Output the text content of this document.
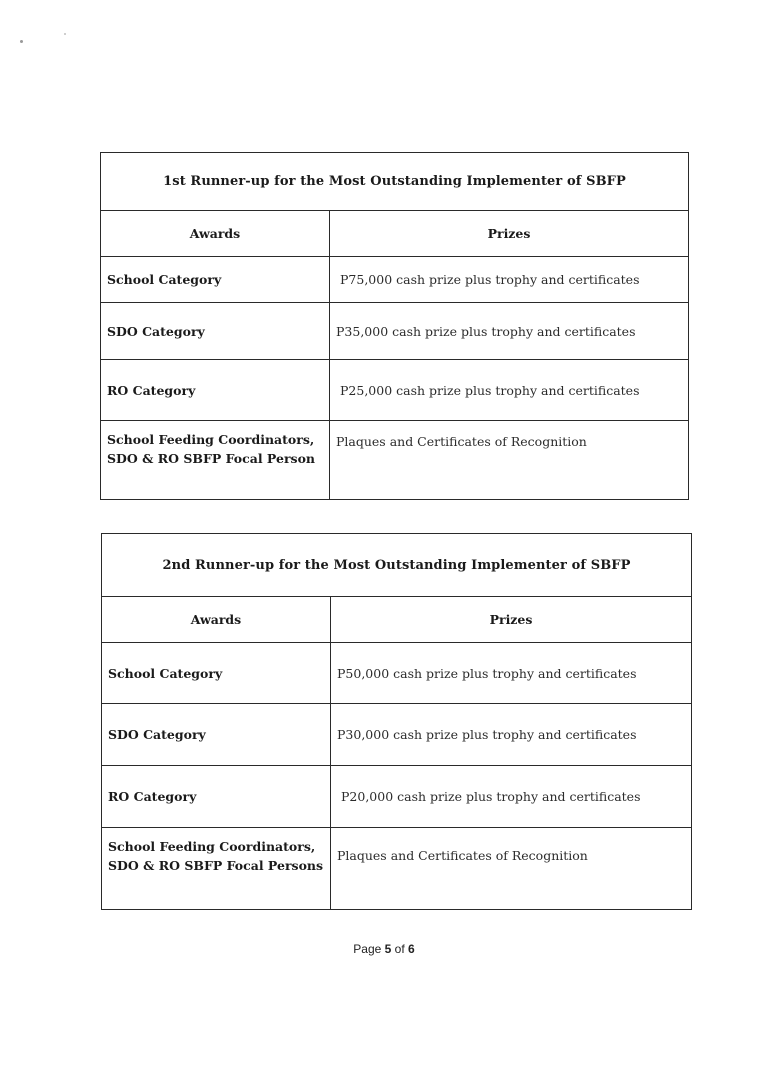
1st Runner-up for the Most Outstanding Implementer of SBFP	
Awards	Prizes
School Category	P75,000 cash prize plus trophy and certificates
SDO Category	P35,000 cash prize plus trophy and certificates
RO Category	P25,000 cash prize plus trophy and certificates
School Feeding Coordinators, SDO & RO SBFP Focal Person	Plaques and Certificates of Recognition
2nd Runner-up for the Most Outstanding Implementer of SBFP	
Awards	Prizes
School Category	P50,000 cash prize plus trophy and certificates
SDO Category	P30,000 cash prize plus trophy and certificates
RO Category	P20,000 cash prize plus trophy and certificates
School Feeding Coordinators, SDO & RO SBFP Focal Persons	Plaques and Certificates of Recognition
Page 5 of 6
